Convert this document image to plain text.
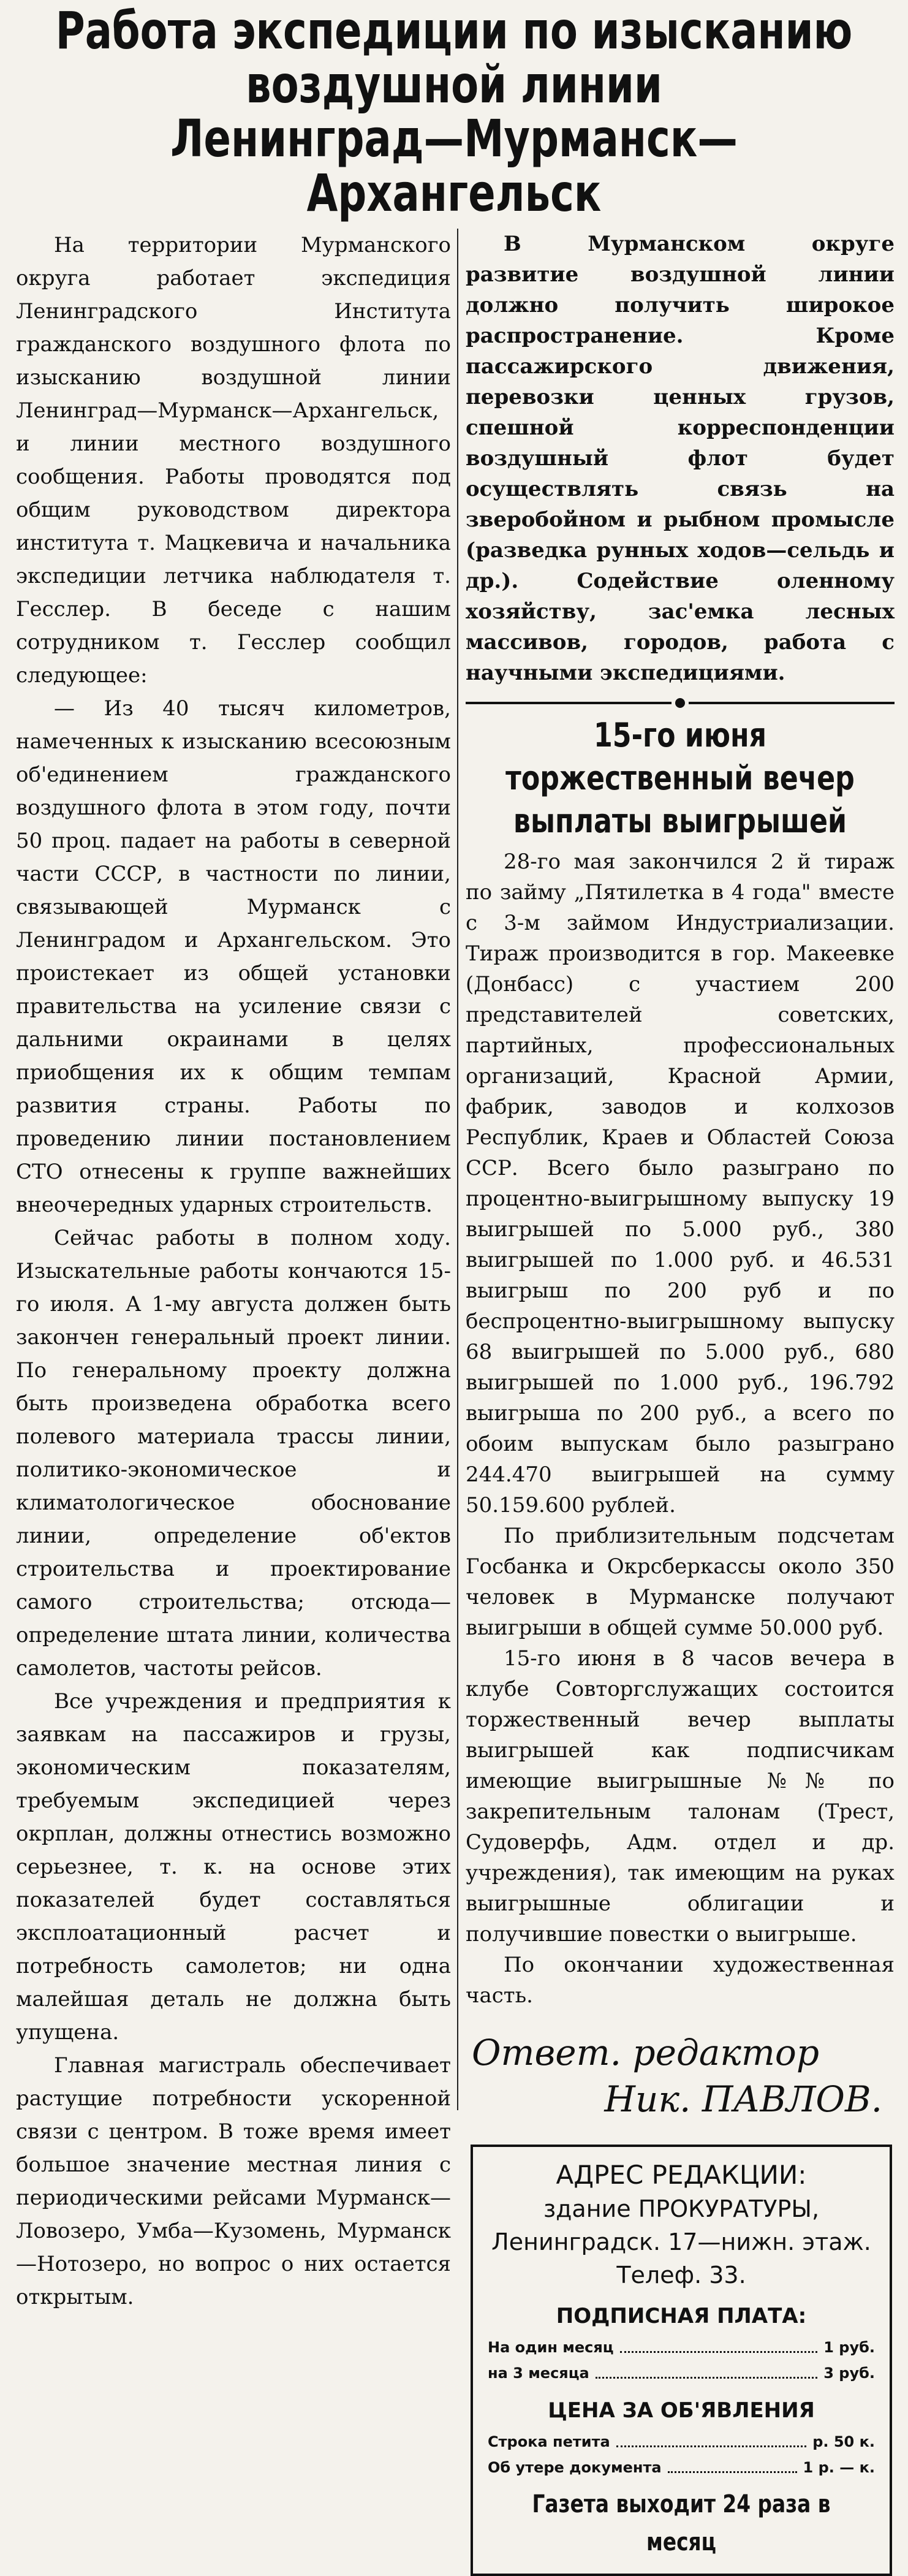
Работа экспедиции по изысканию воздушной линии
Ленинград—Мурманск—Архангельск

На территории Мурманского округа работает экспедиция Ленинградского Института гражданского воздушного флота по изысканию воздушной линии Ленинград—Мурманск—Архангельск, и линии местного воздушного сообщения. Работы проводятся под общим руководством директора института т. Мацкевича и начальника экспедиции летчика наблюдателя т. Гесслер. В беседе с нашим сотрудником т. Гесслер сообщил следующее:

— Из 40 тысяч километров, намеченных к изысканию всесоюзным об'единением гражданского воздушного флота в этом году, почти 50 проц. падает на работы в северной части СССР, в частности по линии, связывающей Мурманск с Ленинградом и Архангельском. Это проистекает из общей установки правительства на усиление связи с дальними окраинами в целях приобщения их к общим темпам развития страны. Работы по проведению линии постановлением СТО отнесены к группе важнейших внеочередных ударных строительств.

Сейчас работы в полном ходу. Изыскательные работы кончаются 15-го июля. А 1-му августа должен быть закончен генеральный проект линии. По генеральному проекту должна быть произведена обработка всего полевого материала трассы линии, политико-экономическое и климатологическое обоснование линии, определение об'ектов строительства и проектирование самого строительства; отсюда—определение штата линии, количества самолетов, частоты рейсов.

Все учреждения и предприятия к заявкам на пассажиров и грузы, экономическим показателям, требуемым экспедицией через окрплан, должны отнестись возможно серьезнее, т. к. на основе этих показателей будет составляться эксплоатационный расчет и потребность самолетов; ни одна малейшая деталь не должна быть упущена.

Главная магистраль обеспечивает растущие потребности ускоренной связи с центром. В тоже время имеет большое значение местная линия с периодическими рейсами Мурманск—Ловозеро, Умба—Кузомень, Мурманск—Нотозеро, но вопрос о них остается открытым.

В Мурманском округе развитие воздушной линии должно получить широкое распространение. Кроме пассажирского движения, перевозки ценных грузов, спешной корреспонденции воздушный флот будет осуществлять связь на зверобойном и рыбном промысле (разведка рунных ходов—сельдь и др.). Содействие оленному хозяйству, зас'емка лесных массивов, городов, работа с научными экспедициями.

15-го июня торжественный вечер выплаты выигрышей

28-го мая закончился 2 й тираж по займу „Пятилетка в 4 года" вместе с 3-м займом Индустриализации. Тираж производится в гор. Макеевке (Донбасс) с участием 200 представителей советских, партийных, профессиональных организаций, Красной Армии, фабрик, заводов и колхозов Республик, Краев и Областей Союза ССР. Всего было разыграно по процентно-выигрышному выпуску 19 выигрышей по 5.000 руб., 380 выигрышей по 1.000 руб. и 46.531 выигрыш по 200 руб и по беспроцентно-выигрышному выпуску 68 выигрышей по 5.000 руб., 680 выигрышей по 1.000 руб., 196.792 выигрыша по 200 руб., а всего по обоим выпускам было разыграно 244.470 выигрышей на сумму 50.159.600 рублей.

По приблизительным подсчетам Госбанка и Окрсберкассы около 350 человек в Мурманске получают выигрыши в общей сумме 50.000 руб.

15-го июня в 8 часов вечера в клубе Совторгслужащих состоится торжественный вечер выплаты выигрышей как подписчикам имеющие выигрышные №№ по закрепительным талонам (Трест, Судоверфь, Адм. отдел и др. учреждения), так имеющим на руках выигрышные облигации и получившие повестки о выигрыше.

По окончании художественная часть.

Ответ. редактор
Ник. ПАВЛОВ.
АДРЕС РЕДАКЦИИ:
здание ПРОКУРАТУРЫ,
Ленинградск. 17—нижн. этаж.
Телеф. 33.
ПОДПИСНАЯ ПЛАТА:
На один месяц	1 руб.
на 3 месяца	3 руб.
ЦЕНА ЗА ОБ'ЯВЛЕНИЯ
Строка петита	р. 50 к.
Об утере документа	1 р. — к.
Газета выходит 24 раза в месяц
